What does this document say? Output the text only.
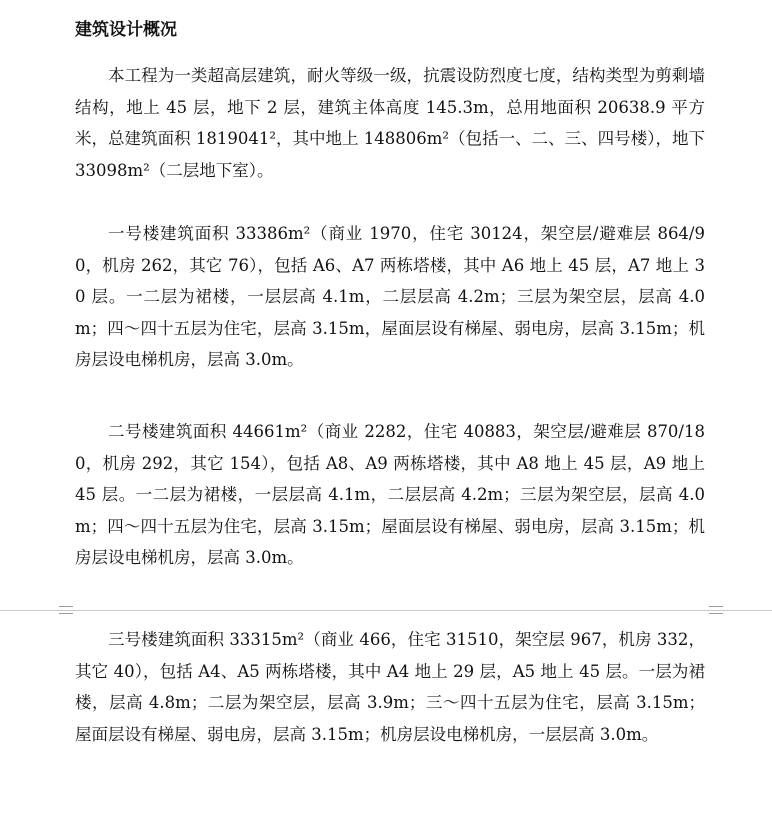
建筑设计概况

本工程为一类超高层建筑，耐火等级一级，抗震设防烈度七度，结构类型为剪剩墙结构，地上 45 层，地下 2 层，建筑主体高度 145.3m，总用地面积 20638.9 平方米，总建筑面积 1819041²，其中地上 148806m²（包括一、二、三、四号楼），地下 33098m²（二层地下室）。

一号楼建筑面积 33386m²（商业 1970，住宅 30124，架空层/避难层 864/90，机房 262，其它 76），包括 A6、A7 两栋塔楼，其中 A6 地上 45 层，A7 地上 30 层。一二层为裙楼，一层层高 4.1m，二层层高 4.2m；三层为架空层，层高 4.0m；四～四十五层为住宅，层高 3.15m，屋面层设有梯屋、弱电房，层高 3.15m；机房层设电梯机房，层高 3.0m。

二号楼建筑面积 44661m²（商业 2282，住宅 40883，架空层/避难层 870/180，机房 292，其它 154），包括 A8、A9 两栋塔楼，其中 A8 地上 45 层，A9 地上 45 层。一二层为裙楼，一层层高 4.1m，二层层高 4.2m；三层为架空层，层高 4.0m；四～四十五层为住宅，层高 3.15m；屋面层设有梯屋、弱电房，层高 3.15m；机房层设电梯机房，层高 3.0m。

三号楼建筑面积 33315m²（商业 466，住宅 31510，架空层 967，机房 332，其它 40），包括 A4、A5 两栋塔楼，其中 A4 地上 29 层，A5 地上 45 层。一层为裙楼，层高 4.8m；二层为架空层，层高 3.9m；三～四十五层为住宅，层高 3.15m；屋面层设有梯屋、弱电房，层高 3.15m；机房层设电梯机房，一层层高 3.0m。
